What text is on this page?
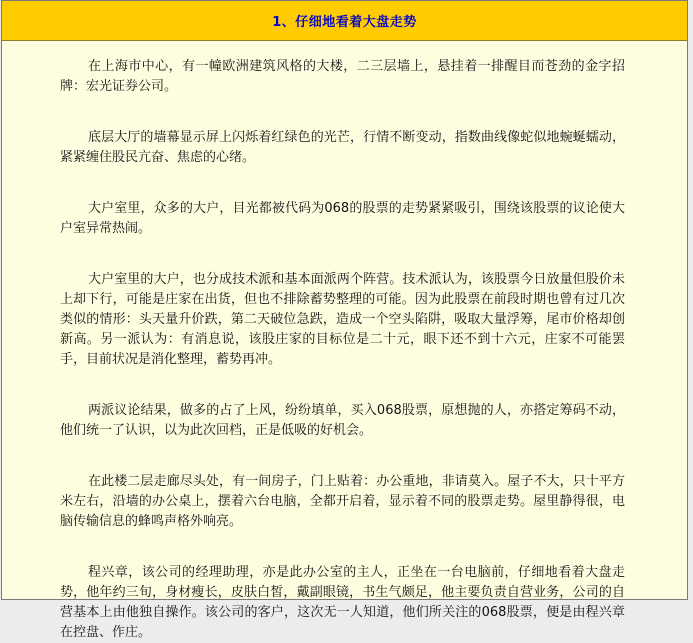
1、仔细地看着大盘走势

在上海市中心，有一幢欧洲建筑风格的大楼，二三层墙上，悬挂着一排醒目而苍劲的金字招牌：宏光证券公司。

底层大厅的墙幕显示屏上闪烁着红绿色的光芒，行情不断变动，指数曲线像蛇似地蜿蜒蠕动，紧紧缠住股民亢奋、焦虑的心绪。

大户室里，众多的大户，目光都被代码为068的股票的走势紧紧吸引，围绕该股票的议论使大户室异常热闹。

大户室里的大户，也分成技术派和基本面派两个阵营。技术派认为，该股票今日放量但股价未上却下行，可能是庄家在出货，但也不排除蓄势整理的可能。因为此股票在前段时期也曾有过几次类似的情形：头天量升价跌，第二天破位急跌，造成一个空头陷阱，吸取大量浮筹，尾市价格却创新高。另一派认为：有消息说，该股庄家的目标位是二十元，眼下还不到十六元，庄家不可能罢手，目前状况是消化整理，蓄势再冲。

两派议论结果，做多的占了上风，纷纷填单，买入068股票，原想抛的人，亦搭定筹码不动，他们统一了认识，以为此次回档，正是低吸的好机会。

在此楼二层走廊尽头处，有一间房子，门上贴着：办公重地，非请莫入。屋子不大，只十平方米左右，沿墙的办公桌上，摆着六台电脑，全都开启着，显示着不同的股票走势。屋里静得很，电脑传输信息的蜂鸣声格外响亮。

程兴章，该公司的经理助理，亦是此办公室的主人，正坐在一台电脑前，仔细地看着大盘走势，他年约三旬，身材瘦长，皮肤白皙，戴副眼镜，书生气颇足，他主要负责自营业务，公司的自营基本上由他独自操作。该公司的客户，这次无一人知道，他们所关注的068股票，便是由程兴章在控盘、作庄。
